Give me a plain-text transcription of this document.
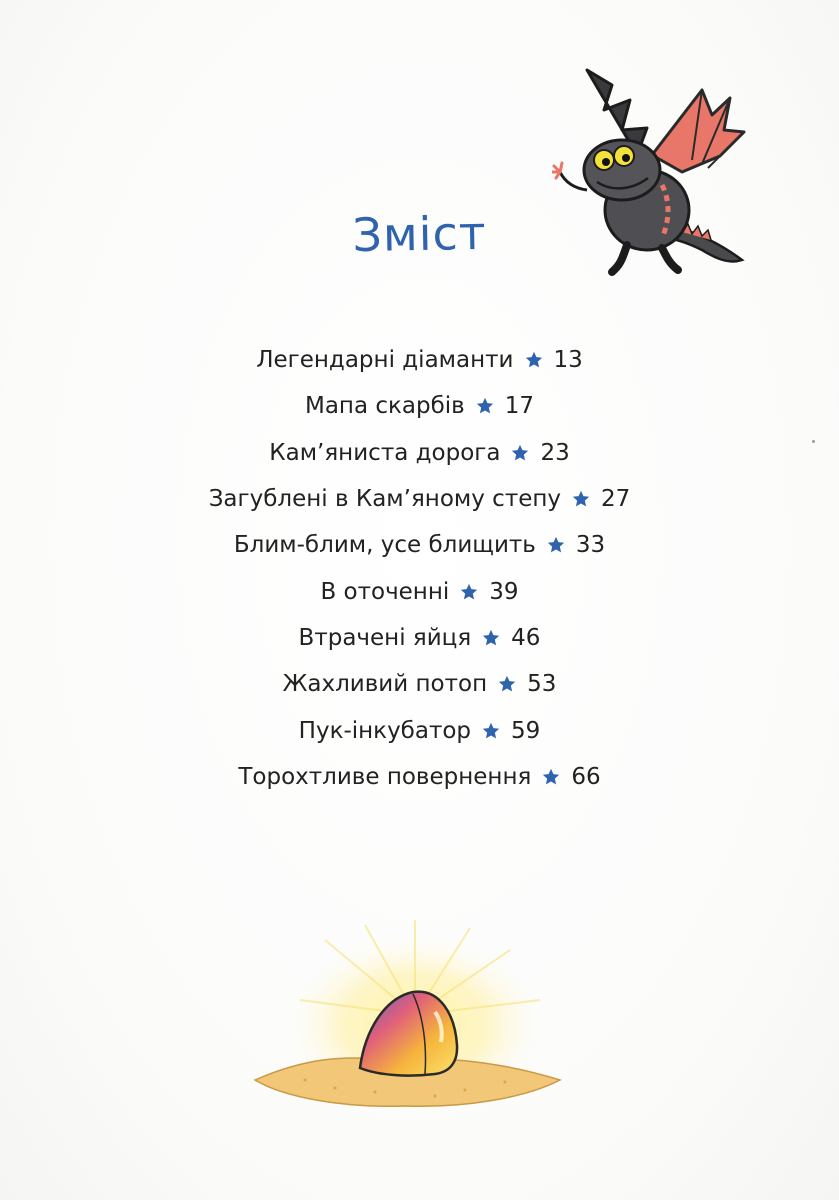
Зміст
Легендарні діаманти 13
Мапа скарбів 17
Кам’яниста дорога 23
Загублені в Кам’яному степу 27
Блим-блим, усе блищить 33
В оточенні 39
Втрачені яйця 46
Жахливий потоп 53
Пук-інкубатор 59
Торохтливе повернення 66
